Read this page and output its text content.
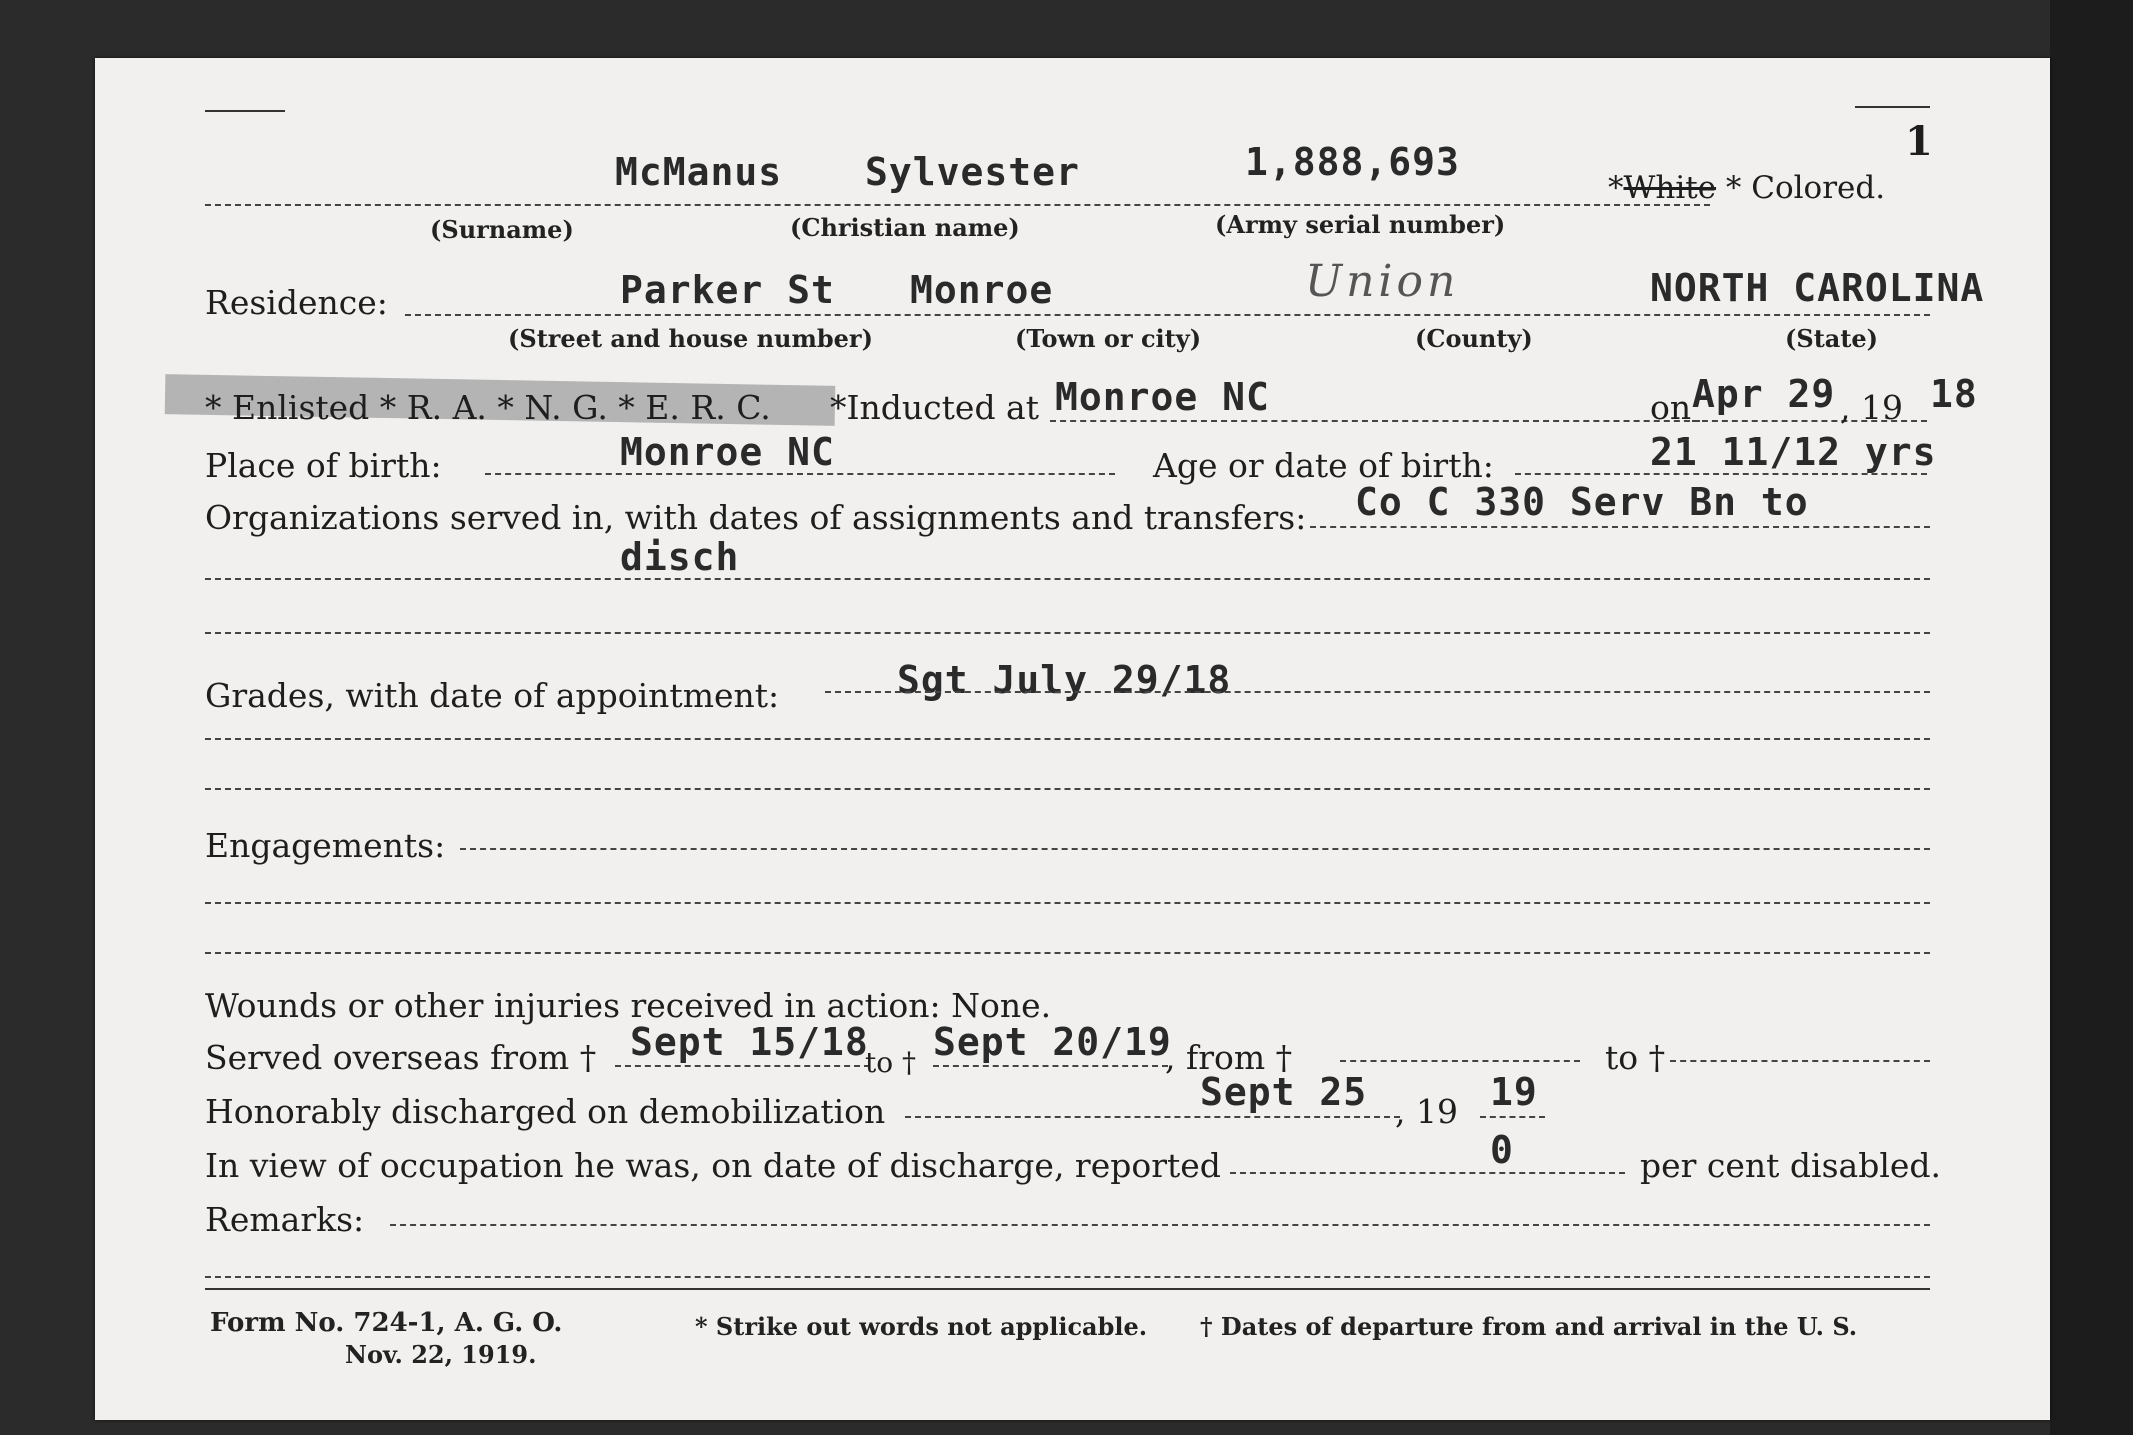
1
McManus Sylvester	1,888,693
*White * Colored.
(Surname)	(Christian name)	(Army serial number)
Residence:	Parker St Monroe	Union	NORTH CAROLINA
(Street and house number)	(Town or city)	(County)	(State)
* Enlisted * R. A. * N. G. * E. R. C. *Inducted at Monroe NC	on Apr 29 , 19 18
Place of birth:	Monroe NC	Age or date of birth:	21 11/12 yrs
Organizations served in, with dates of assignments and transfers: Co C 330 Serv Bn to
disch
Grades, with date of appointment:	Sgt July 29/18
Engagements:
Wounds or other injuries received in action: None.
Served overseas from † Sept 15/18
to † Sept 20/19
, from †	to †
Honorably discharged on demobilization	Sept 25 , 19 19
In view of occupation he was, on date of discharge, reported	0	per cent disabled.
Remarks:
Form No. 724-1, A. G. O.
Nov. 22, 1919.
* Strike out words not applicable. † Dates of departure from and arrival in the U. S.
